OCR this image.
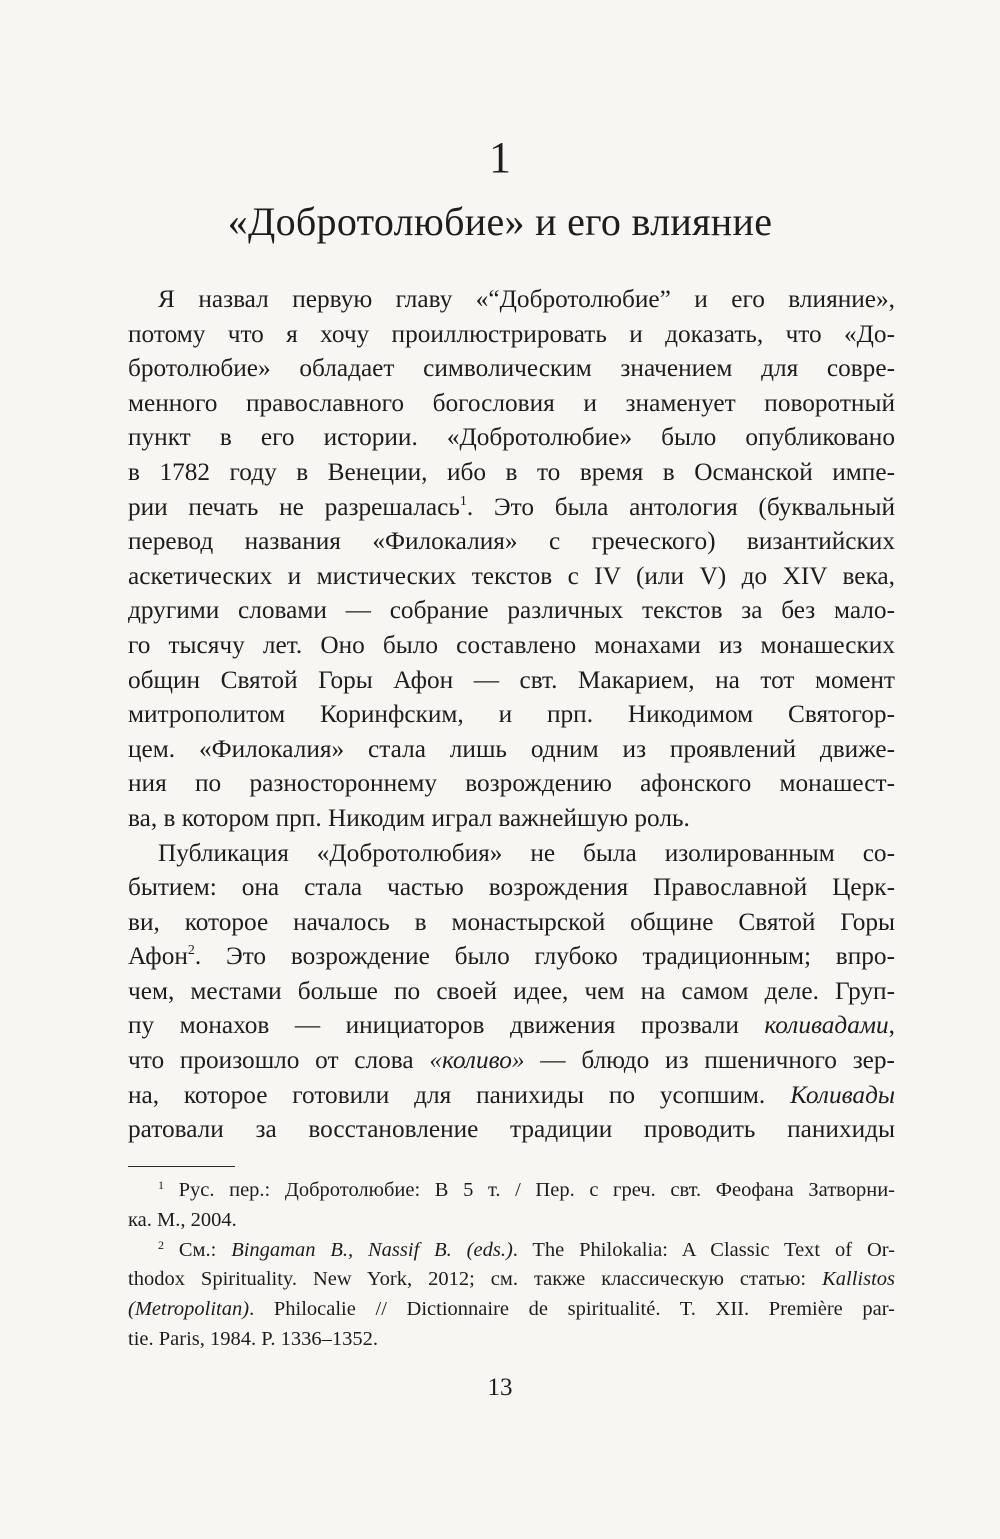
1
«Добротолюбие» и его влияние
Я назвал первую главу «“Добротолюбие” и его влияние»,
потому что я хочу проиллюстрировать и доказать, что «До-
бротолюбие» обладает символическим значением для совре-
менного православного богословия и знаменует поворотный
пункт в его истории. «Добротолюбие» было опубликовано
в 1782 году в Венеции, ибо в то время в Османской импе-
рии печать не разрешалась$^1$. Это была антология (буквальный
перевод названия «Филокалия» с греческого) византийских
аскетических и мистических текстов с IV (или V) до XIV века,
другими словами — собрание различных текстов за без мало-
го тысячу лет. Оно было составлено монахами из монашеских
общин Святой Горы Афон — свт. Макарием, на тот момент
митрополитом Коринфским, и прп. Никодимом Святогор-
цем. «Филокалия» стала лишь одним из проявлений движе-
ния по разностороннему возрождению афонского монашест-
ва, в котором прп. Никодим играл важнейшую роль.
Публикация «Добротолюбия» не была изолированным со-
бытием: она стала частью возрождения Православной Церк-
ви, которое началось в монастырской общине Святой Горы
Афон$^2$. Это возрождение было глубоко традиционным; впро-
чем, местами больше по своей идее, чем на самом деле. Груп-
пу монахов — инициаторов движения прозвали коливадами,
что произошло от слова «коливо» — блюдо из пшеничного зер-
на, которое готовили для панихиды по усопшим. Коливады
ратовали за восстановление традиции проводить панихиды
$^1$ Рус. пер.: Добротолюбие: В 5 т. / Пер. с греч. свт. Феофана Затворни-
ка. М., 2004.
$^2$ См.: Bingaman B., Nassif B. (eds.). The Philokalia: A Classic Text of Or-
thodox Spirituality. New York, 2012; см. также классическую статью: Kallistos
(Metropolitan). Philocalie // Dictionnaire de spiritualité. T. XII. Première par-
tie. Paris, 1984. P. 1336–1352.
13
